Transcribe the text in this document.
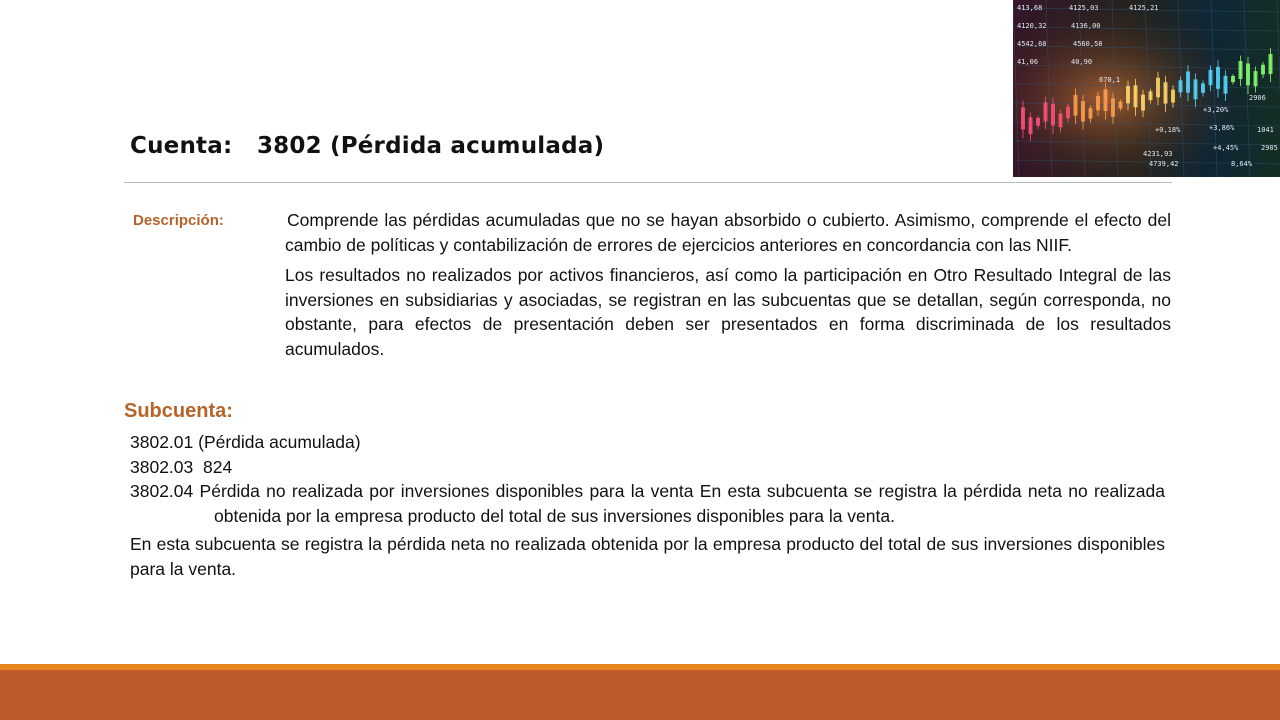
413,68	4125,03	4125,21
4120,32	4136,00
4542,68	4560,58
41,06	40,90
670,1
+3,20%
+3,86%
+0,18%
+4,45%
4231,93
4739,42	8,64%
1041
2905
2906
Cuenta:   3802 (Pérdida acumulada)
Descripción:	Comprende las pérdidas acumuladas que no se hayan absorbido o cubierto. Asimismo, comprende el efecto del cambio de políticas y contabilización de errores de ejercicios anteriores en concordancia con las NIIF.

Los resultados no realizados por activos financieros, así como la participación en Otro Resultado Integral de las inversiones en subsidiarias y asociadas, se registran en las subcuentas que se detallan, según corresponda, no obstante, para efectos de presentación deben ser presentados en forma discriminada de los resultados acumulados.

Subcuenta:

3802.01 (Pérdida acumulada)

3802.03  824

3802.04 Pérdida no realizada por inversiones disponibles para la venta En esta subcuenta se registra la pérdida neta no realizada obtenida por la empresa producto del total de sus inversiones disponibles para la venta.

En esta subcuenta se registra la pérdida neta no realizada obtenida por la empresa producto del total de sus inversiones disponibles para la venta.
